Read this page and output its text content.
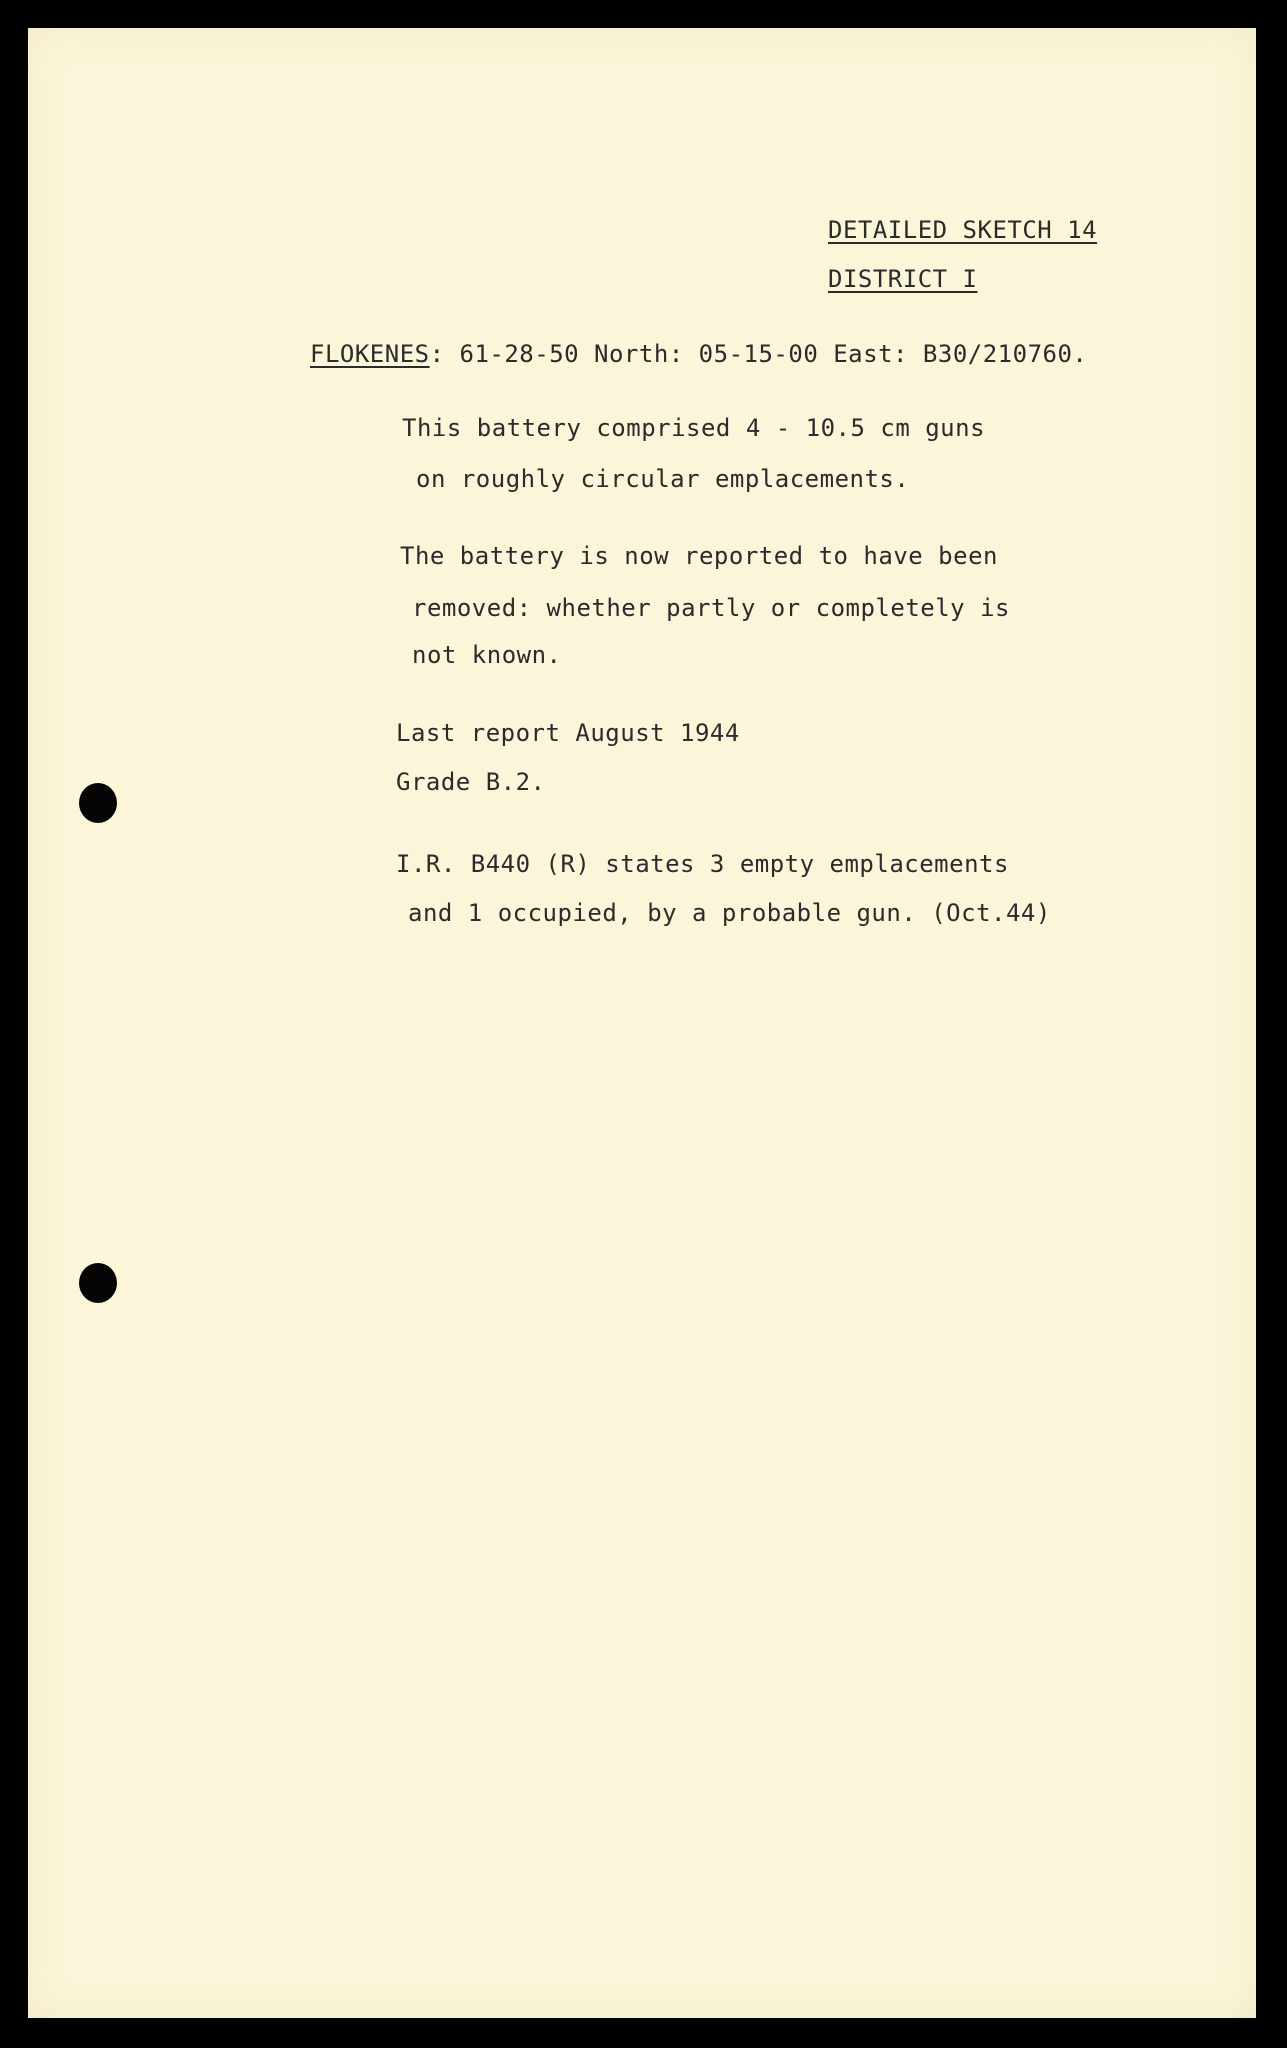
DETAILED SKETCH 14
DISTRICT I
FLOKENES: 61-28-50 North: 05-15-00 East: B30/210760.
This battery comprised 4 - 10.5 cm guns
on roughly circular emplacements.
The battery is now reported to have been
removed: whether partly or completely is
not known.
Last report August 1944
Grade B.2.
I.R. B440 (R) states 3 empty emplacements
and 1 occupied, by a probable gun. (Oct.44)
